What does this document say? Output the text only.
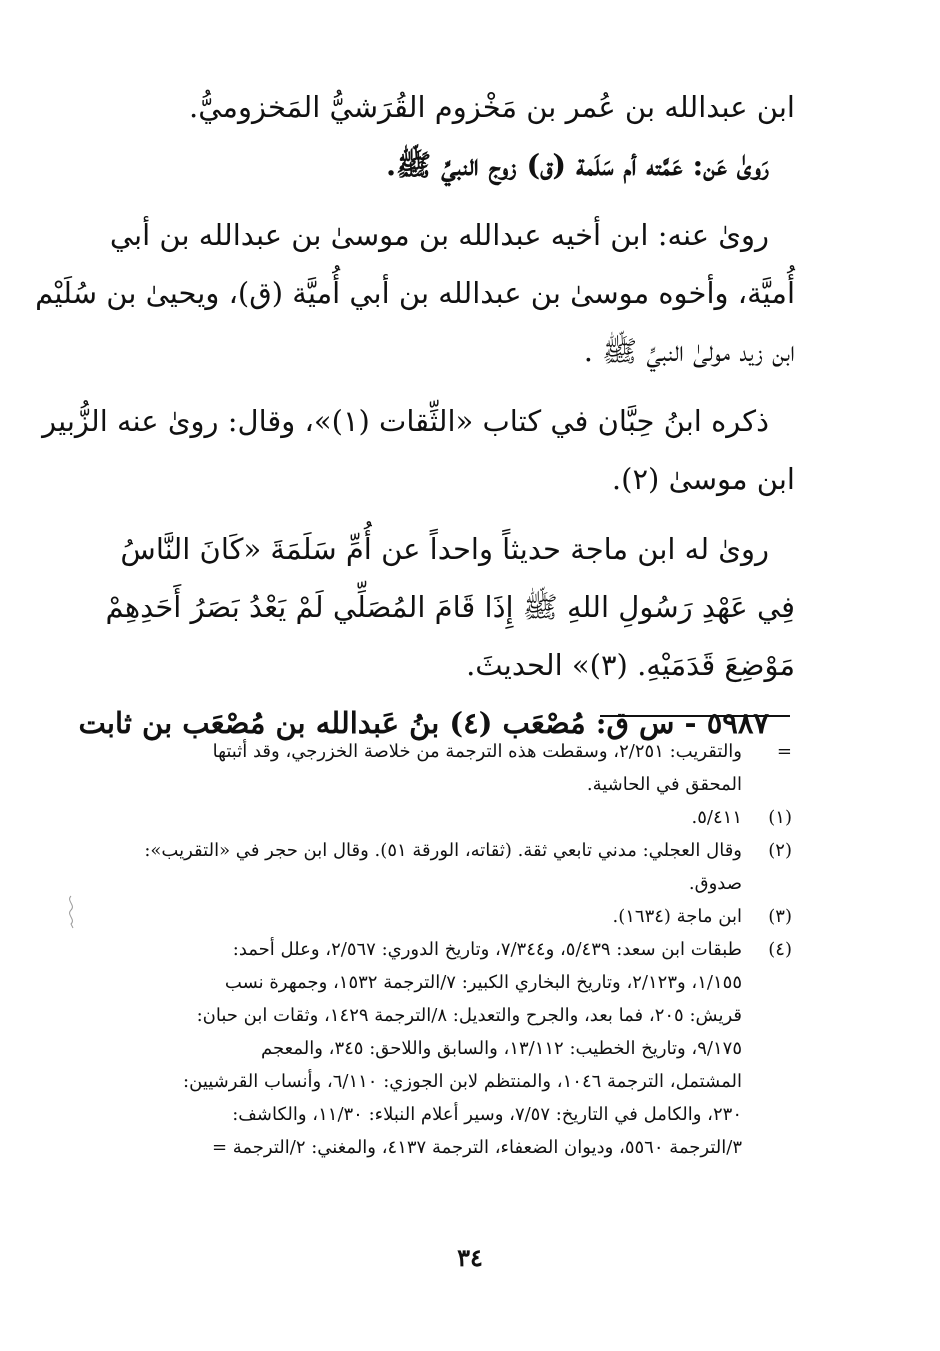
ابن عبدالله بن عُمر بن مَخْزوم القُرَشيُّ المَخزوميُّ.
رَوىٰ عَن: عَمَّته أم سَلَمة (ق) زوج النبيِّ ﷺ.
روىٰ عنه: ابن أخيه عبدالله بن موسىٰ بن عبدالله بن أبي
أُميَّة، وأخوه موسىٰ بن عبدالله بن أبي أُميَّة (ق)، ويحيىٰ بن سُلَيْم
ابن زيد مولىٰ النبيِّ ﷺ .
ذكره ابنُ حِبَّان في كتاب «الثِّقات (١)»، وقال: روىٰ عنه الزُّبير
ابن موسىٰ (٢).
روىٰ له ابن ماجة حديثاً واحداً عن أُمِّ سَلَمَةَ «كَانَ النَّاسُ
فِي عَهْدِ رَسُولِ اللهِ ﷺ إِذَا قَامَ المُصَلِّي لَمْ يَعْدُ بَصَرُ أَحَدِهِمْ
مَوْضِعَ قَدَمَيْهِ. (٣)» الحديثَ.
٥٩٨٧ - س ق: مُصْعَب (٤) بنُ عَبدالله بن مُصْعَب بن ثابت
=
والتقريب: ٢/٢٥١، وسقطت هذه الترجمة من خلاصة الخزرجي، وقد أثبتها
المحقق في الحاشية.
(١)
٥/٤١١.
(٢)
وقال العجلي: مدني تابعي ثقة. (ثقاته، الورقة ٥١). وقال ابن حجر في «التقريب»:
صدوق.
(٣)
ابن ماجة (١٦٣٤).
(٤)
طبقات ابن سعد: ٥/٤٣٩، و٧/٣٤٤، وتاريخ الدوري: ٢/٥٦٧، وعلل أحمد:
١/١٥٥، و٢/١٢٣، وتاريخ البخاري الكبير: ٧/الترجمة ١٥٣٢، وجمهرة نسب
قريش: ٢٠٥، فما بعد، والجرح والتعديل: ٨/الترجمة ١٤٢٩، وثقات ابن حبان:
٩/١٧٥، وتاريخ الخطيب: ١٣/١١٢، والسابق واللاحق: ٣٤٥، والمعجم
المشتمل، الترجمة ١٠٤٦، والمنتظم لابن الجوزي: ٦/١١٠، وأنساب القرشيين:
٢٣٠، والكامل في التاريخ: ٧/٥٧، وسير أعلام النبلاء: ١١/٣٠، والكاشف:
٣/الترجمة ٥٥٦٠، وديوان الضعفاء، الترجمة ٤١٣٧، والمغني: ٢/الترجمة =
٣٤
